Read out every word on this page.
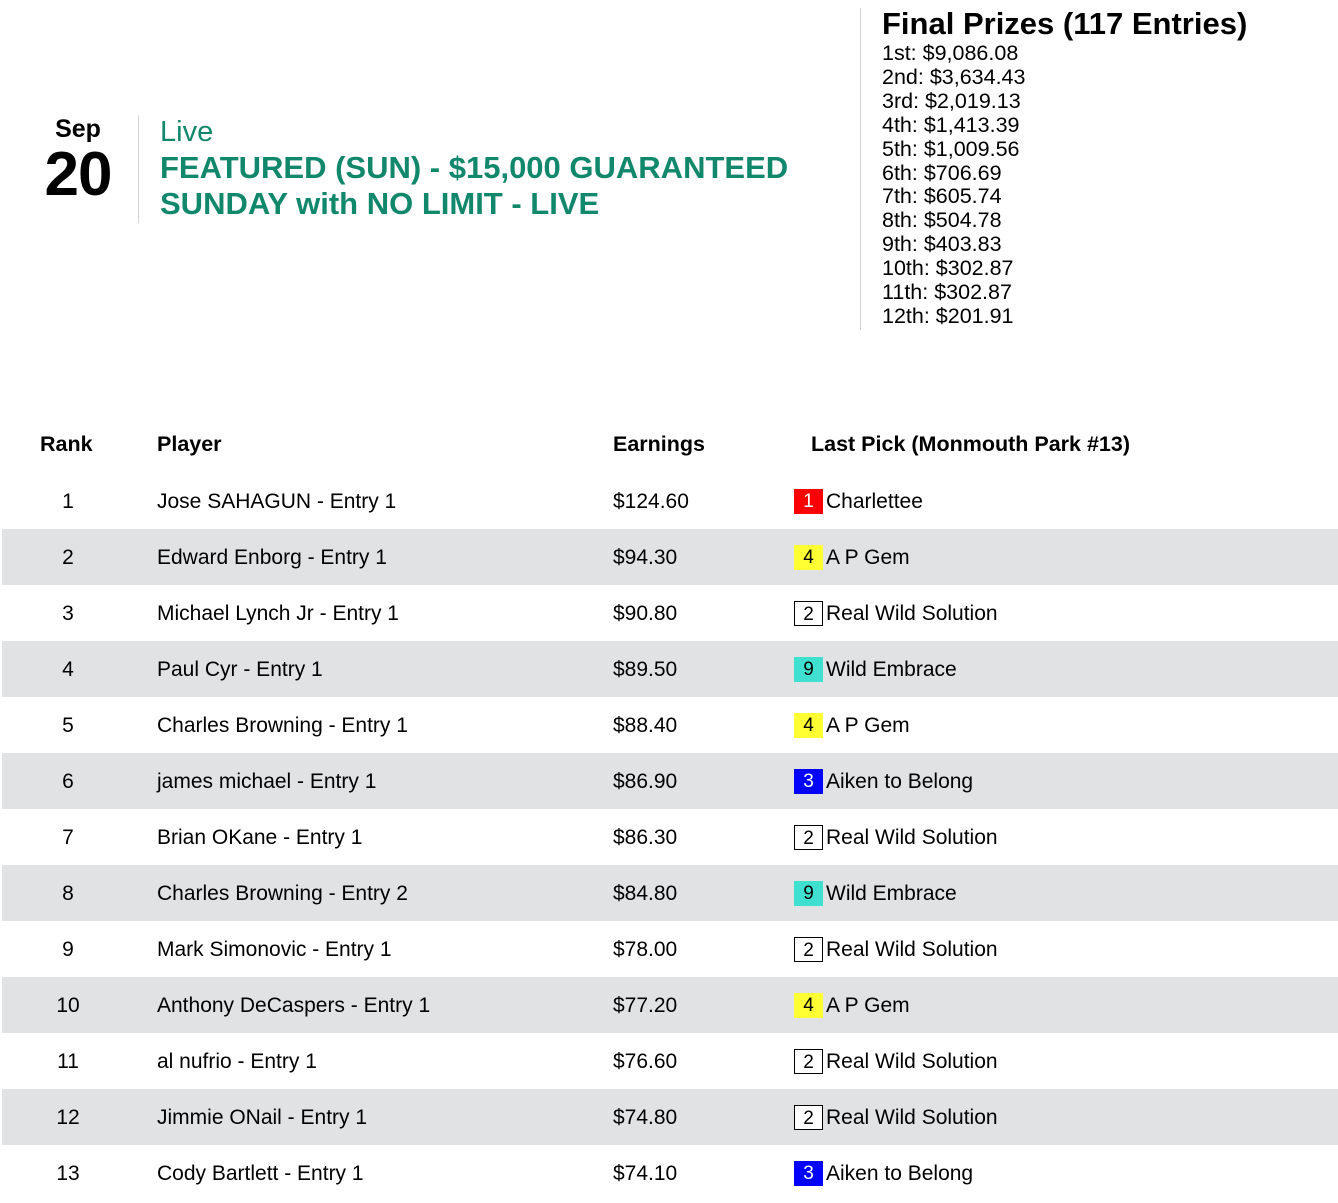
Sep
20
Live
FEATURED (SUN) - $15,000 GUARANTEED SUNDAY with NO LIMIT - LIVE
Final Prizes (117 Entries)
1st: $9,086.08
2nd: $3,634.43
3rd: $2,019.13
4th: $1,413.39
5th: $1,009.56
6th: $706.69
7th: $605.74
8th: $504.78
9th: $403.83
10th: $302.87
11th: $302.87
12th: $201.91
Rank	Player	Earnings	Last Pick (Monmouth Park #13)
1	Jose SAHAGUN - Entry 1	$124.60	1 Charlettee
2	Edward Enborg - Entry 1	$94.30	4 A P Gem
3	Michael Lynch Jr - Entry 1	$90.80	2 Real Wild Solution
4	Paul Cyr - Entry 1	$89.50	9 Wild Embrace
5	Charles Browning - Entry 1	$88.40	4 A P Gem
6	james michael - Entry 1	$86.90	3 Aiken to Belong
7	Brian OKane - Entry 1	$86.30	2 Real Wild Solution
8	Charles Browning - Entry 2	$84.80	9 Wild Embrace
9	Mark Simonovic - Entry 1	$78.00	2 Real Wild Solution
10	Anthony DeCaspers - Entry 1	$77.20	4 A P Gem
11	al nufrio - Entry 1	$76.60	2 Real Wild Solution
12	Jimmie ONail - Entry 1	$74.80	2 Real Wild Solution
13	Cody Bartlett - Entry 1	$74.10	3 Aiken to Belong
